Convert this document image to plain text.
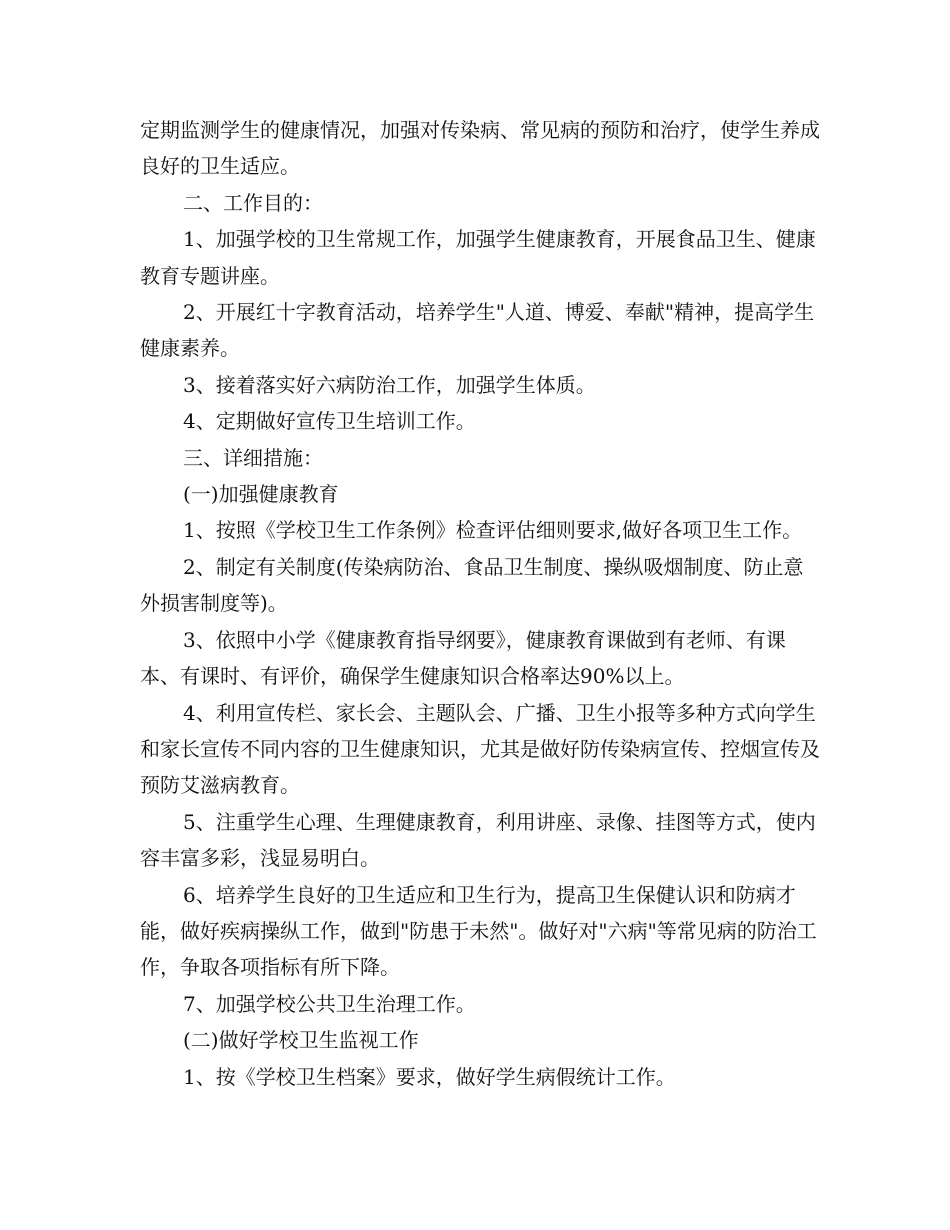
定期监测学生的健康情况，加强对传染病、常见病的预防和治疗，使学生养成良好的卫生适应。

二、工作目的：

1、加强学校的卫生常规工作，加强学生健康教育，开展食品卫生、健康教育专题讲座。

2、开展红十字教育活动，培养学生"人道、博爱、奉献"精神，提高学生健康素养。

3、接着落实好六病防治工作，加强学生体质。

4、定期做好宣传卫生培训工作。

三、详细措施：

(一)加强健康教育

1、按照《学校卫生工作条例》检查评估细则要求,做好各项卫生工作。

2、制定有关制度(传染病防治、食品卫生制度、操纵吸烟制度、防止意外损害制度等)。

3、依照中小学《健康教育指导纲要》，健康教育课做到有老师、有课本、有课时、有评价，确保学生健康知识合格率达90%以上。

4、利用宣传栏、家长会、主题队会、广播、卫生小报等多种方式向学生和家长宣传不同内容的卫生健康知识，尤其是做好防传染病宣传、控烟宣传及预防艾滋病教育。

5、注重学生心理、生理健康教育，利用讲座、录像、挂图等方式，使内容丰富多彩，浅显易明白。

6、培养学生良好的卫生适应和卫生行为，提高卫生保健认识和防病才能，做好疾病操纵工作，做到"防患于未然"。做好对"六病"等常见病的防治工作，争取各项指标有所下降。

7、加强学校公共卫生治理工作。

(二)做好学校卫生监视工作

1、按《学校卫生档案》要求，做好学生病假统计工作。
